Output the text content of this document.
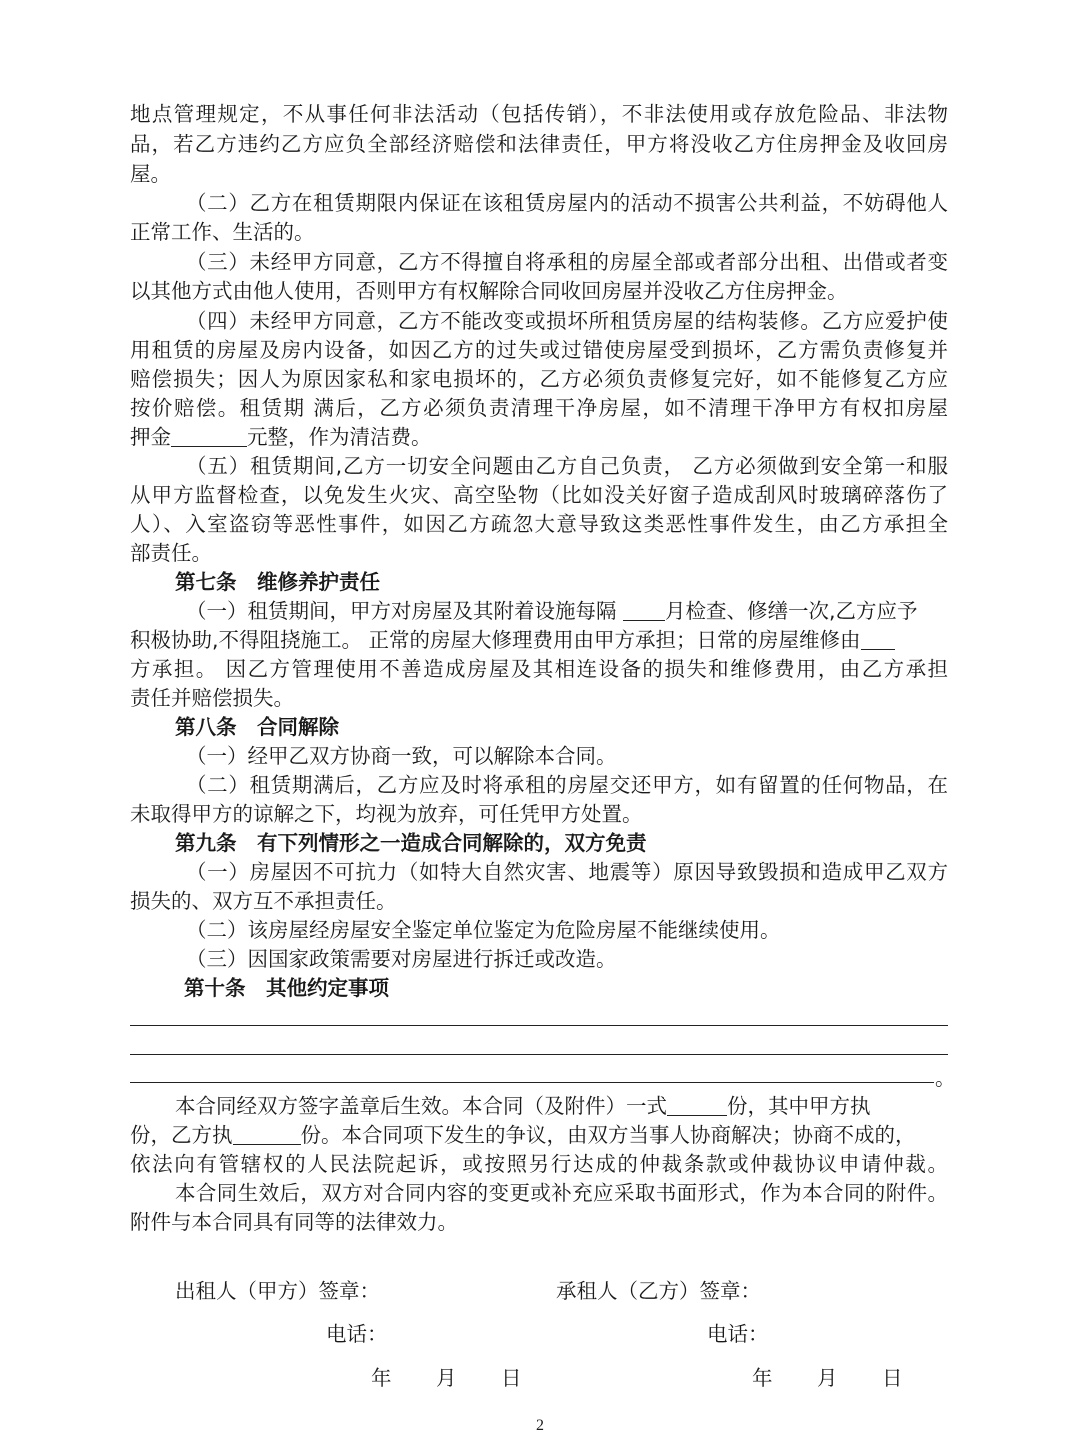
地点管理规定，不从事任何非法活动（包括传销），不非法使用或存放危险品、非法物
品，若乙方违约乙方应负全部经济赔偿和法律责任，甲方将没收乙方住房押金及收回房
屋。
（二）乙方在租赁期限内保证在该租赁房屋内的活动不损害公共利益，不妨碍他人
正常工作、生活的。
（三）未经甲方同意，乙方不得擅自将承租的房屋全部或者部分出租、出借或者变
以其他方式由他人使用，否则甲方有权解除合同收回房屋并没收乙方住房押金。
（四）未经甲方同意，乙方不能改变或损坏所租赁房屋的结构装修。乙方应爱护使
用租赁的房屋及房内设备，如因乙方的过失或过错使房屋受到损坏，乙方需负责修复并
赔偿损失；因人为原因家私和家电损坏的，乙方必须负责修复完好，如不能修复乙方应
按价赔偿。租赁期 满后，乙方必须负责清理干净房屋，如不清理干净甲方有权扣房屋
押金	元整，作为清洁费。
（五）租赁期间,乙方一切安全问题由乙方自己负责， 乙方必须做到安全第一和服
从甲方监督检查，以免发生火灾、高空坠物（比如没关好窗子造成刮风时玻璃碎落伤了
人）、入室盗窃等恶性事件，如因乙方疏忽大意导致这类恶性事件发生，由乙方承担全
部责任。
第七条　维修养护责任
（一）租赁期间，甲方对房屋及其附着设施每隔 月检查、修缮一次,乙方应予
积极协助,不得阻挠施工。 正常的房屋大修理费用由甲方承担；日常的房屋维修由
方承担。 因乙方管理使用不善造成房屋及其相连设备的损失和维修费用，由乙方承担
责任并赔偿损失。
第八条　合同解除
（一）经甲乙双方协商一致，可以解除本合同。
（二）租赁期满后，乙方应及时将承租的房屋交还甲方，如有留置的任何物品，在
未取得甲方的谅解之下，均视为放弃，可任凭甲方处置。
第九条　有下列情形之一造成合同解除的，双方免责
（一）房屋因不可抗力（如特大自然灾害、地震等）原因导致毁损和造成甲乙双方
损失的、双方互不承担责任。
（二）该房屋经房屋安全鉴定单位鉴定为危险房屋不能继续使用。
（三）因国家政策需要对房屋进行拆迁或改造。
第十条　其他约定事项
。
本合同经双方签字盖章后生效。本合同（及附件）一式	份，其中甲方执
份，乙方执	份。本合同项下发生的争议，由双方当事人协商解决；协商不成的，
依法向有管辖权的人民法院起诉，或按照另行达成的仲裁条款或仲裁协议申请仲裁。
本合同生效后，双方对合同内容的变更或补充应采取书面形式，作为本合同的附件。
附件与本合同具有同等的法律效力。
出租人（甲方）签章：	承租人（乙方）签章：
电话：	电话：
年 月 日	年 月 日
2
